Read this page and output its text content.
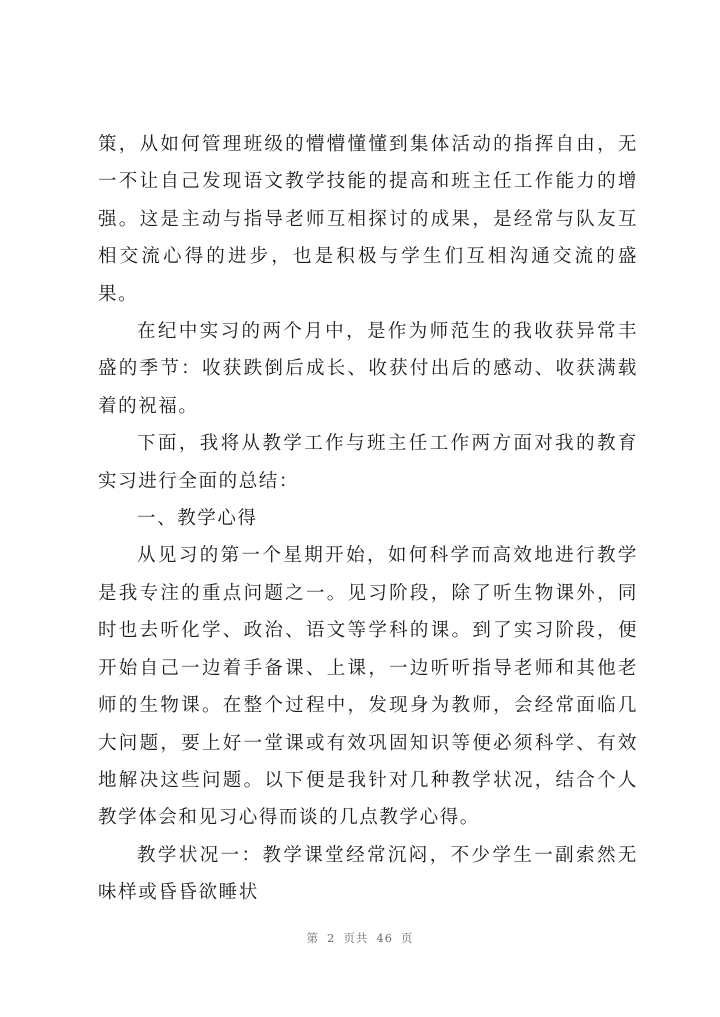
策，从如何管理班级的懵懵懂懂到集体活动的指挥自由，无一不让自己发现语文教学技能的提高和班主任工作能力的增强。这是主动与指导老师互相探讨的成果，是经常与队友互相交流心得的进步，也是积极与学生们互相沟通交流的盛果。

在纪中实习的两个月中，是作为师范生的我收获异常丰盛的季节：收获跌倒后成长、收获付出后的感动、收获满载着的祝福。

下面，我将从教学工作与班主任工作两方面对我的教育实习进行全面的总结：

一、教学心得

从见习的第一个星期开始，如何科学而高效地进行教学是我专注的重点问题之一。见习阶段，除了听生物课外，同时也去听化学、政治、语文等学科的课。到了实习阶段，便开始自己一边着手备课、上课，一边听听指导老师和其他老师的生物课。在整个过程中，发现身为教师，会经常面临几大问题，要上好一堂课或有效巩固知识等便必须科学、有效地解决这些问题。以下便是我针对几种教学状况，结合个人教学体会和见习心得而谈的几点教学心得。

教学状况一：教学课堂经常沉闷，不少学生一副索然无味样或昏昏欲睡状

第 2 页共 46 页
